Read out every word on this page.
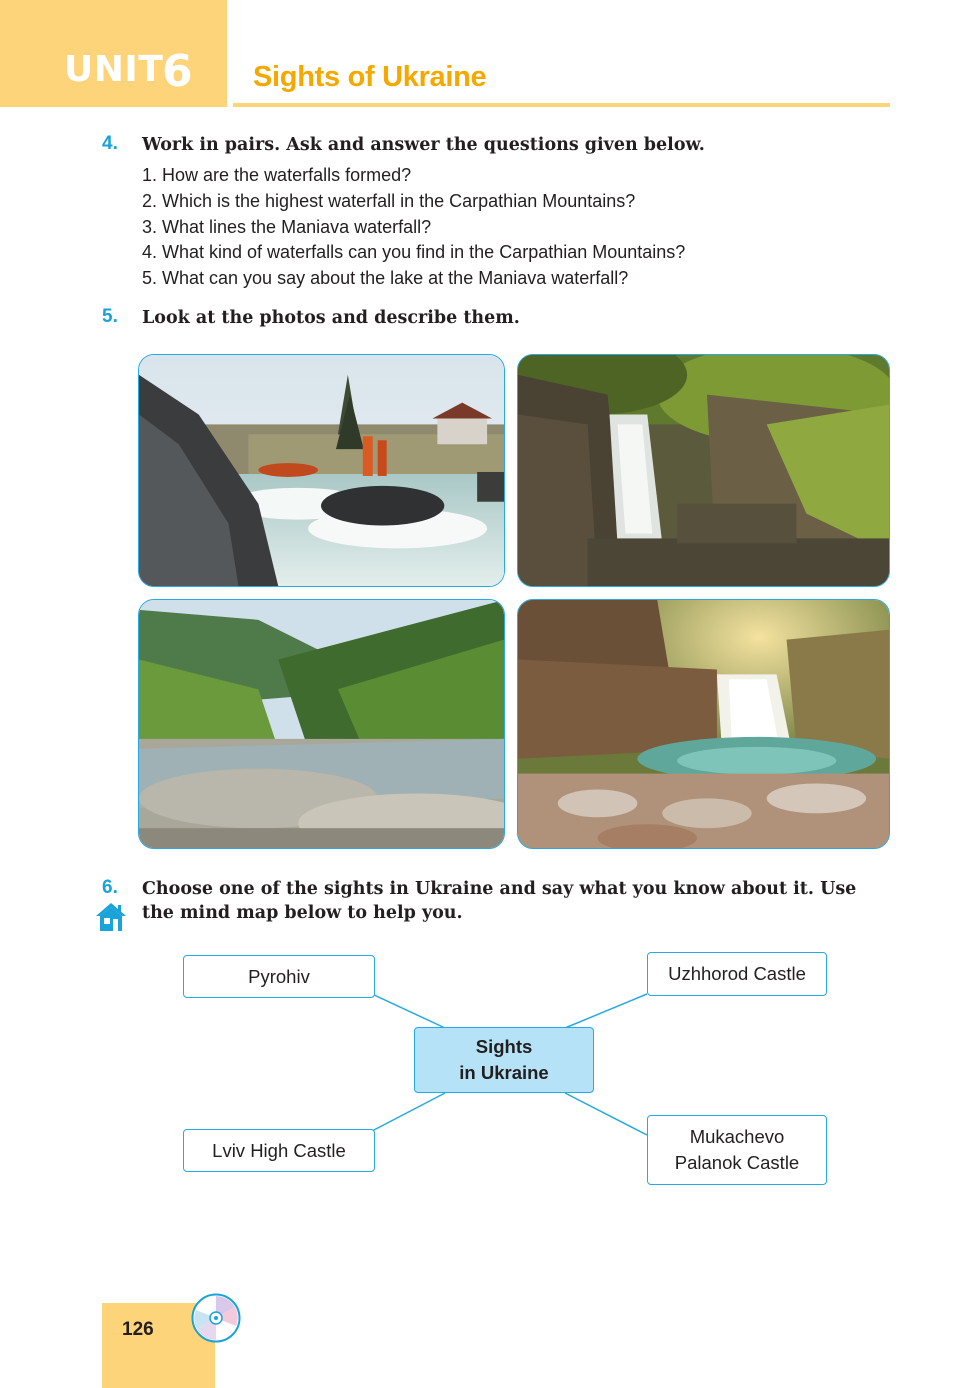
UNIT
6 Sights of Ukraine
4. Work in pairs. Ask and answer the questions given below.
1. How are the waterfalls formed?
2. Which is the highest waterfall in the Carpathian Mountains?
3. What lines the Maniava waterfall?
4. What kind of waterfalls can you find in the Carpathian Mountains?
5. What can you say about the lake at the Maniava waterfall?
5. Look at the photos and describe them.
6. Choose one of the sights in Ukraine and say what you know about it. Use
the mind map below to help you.
Pyrohiv	Uzhhorod Castle
Sights
in Ukraine
Lviv High Castle
Mukachevo
Palanok Castle
126
